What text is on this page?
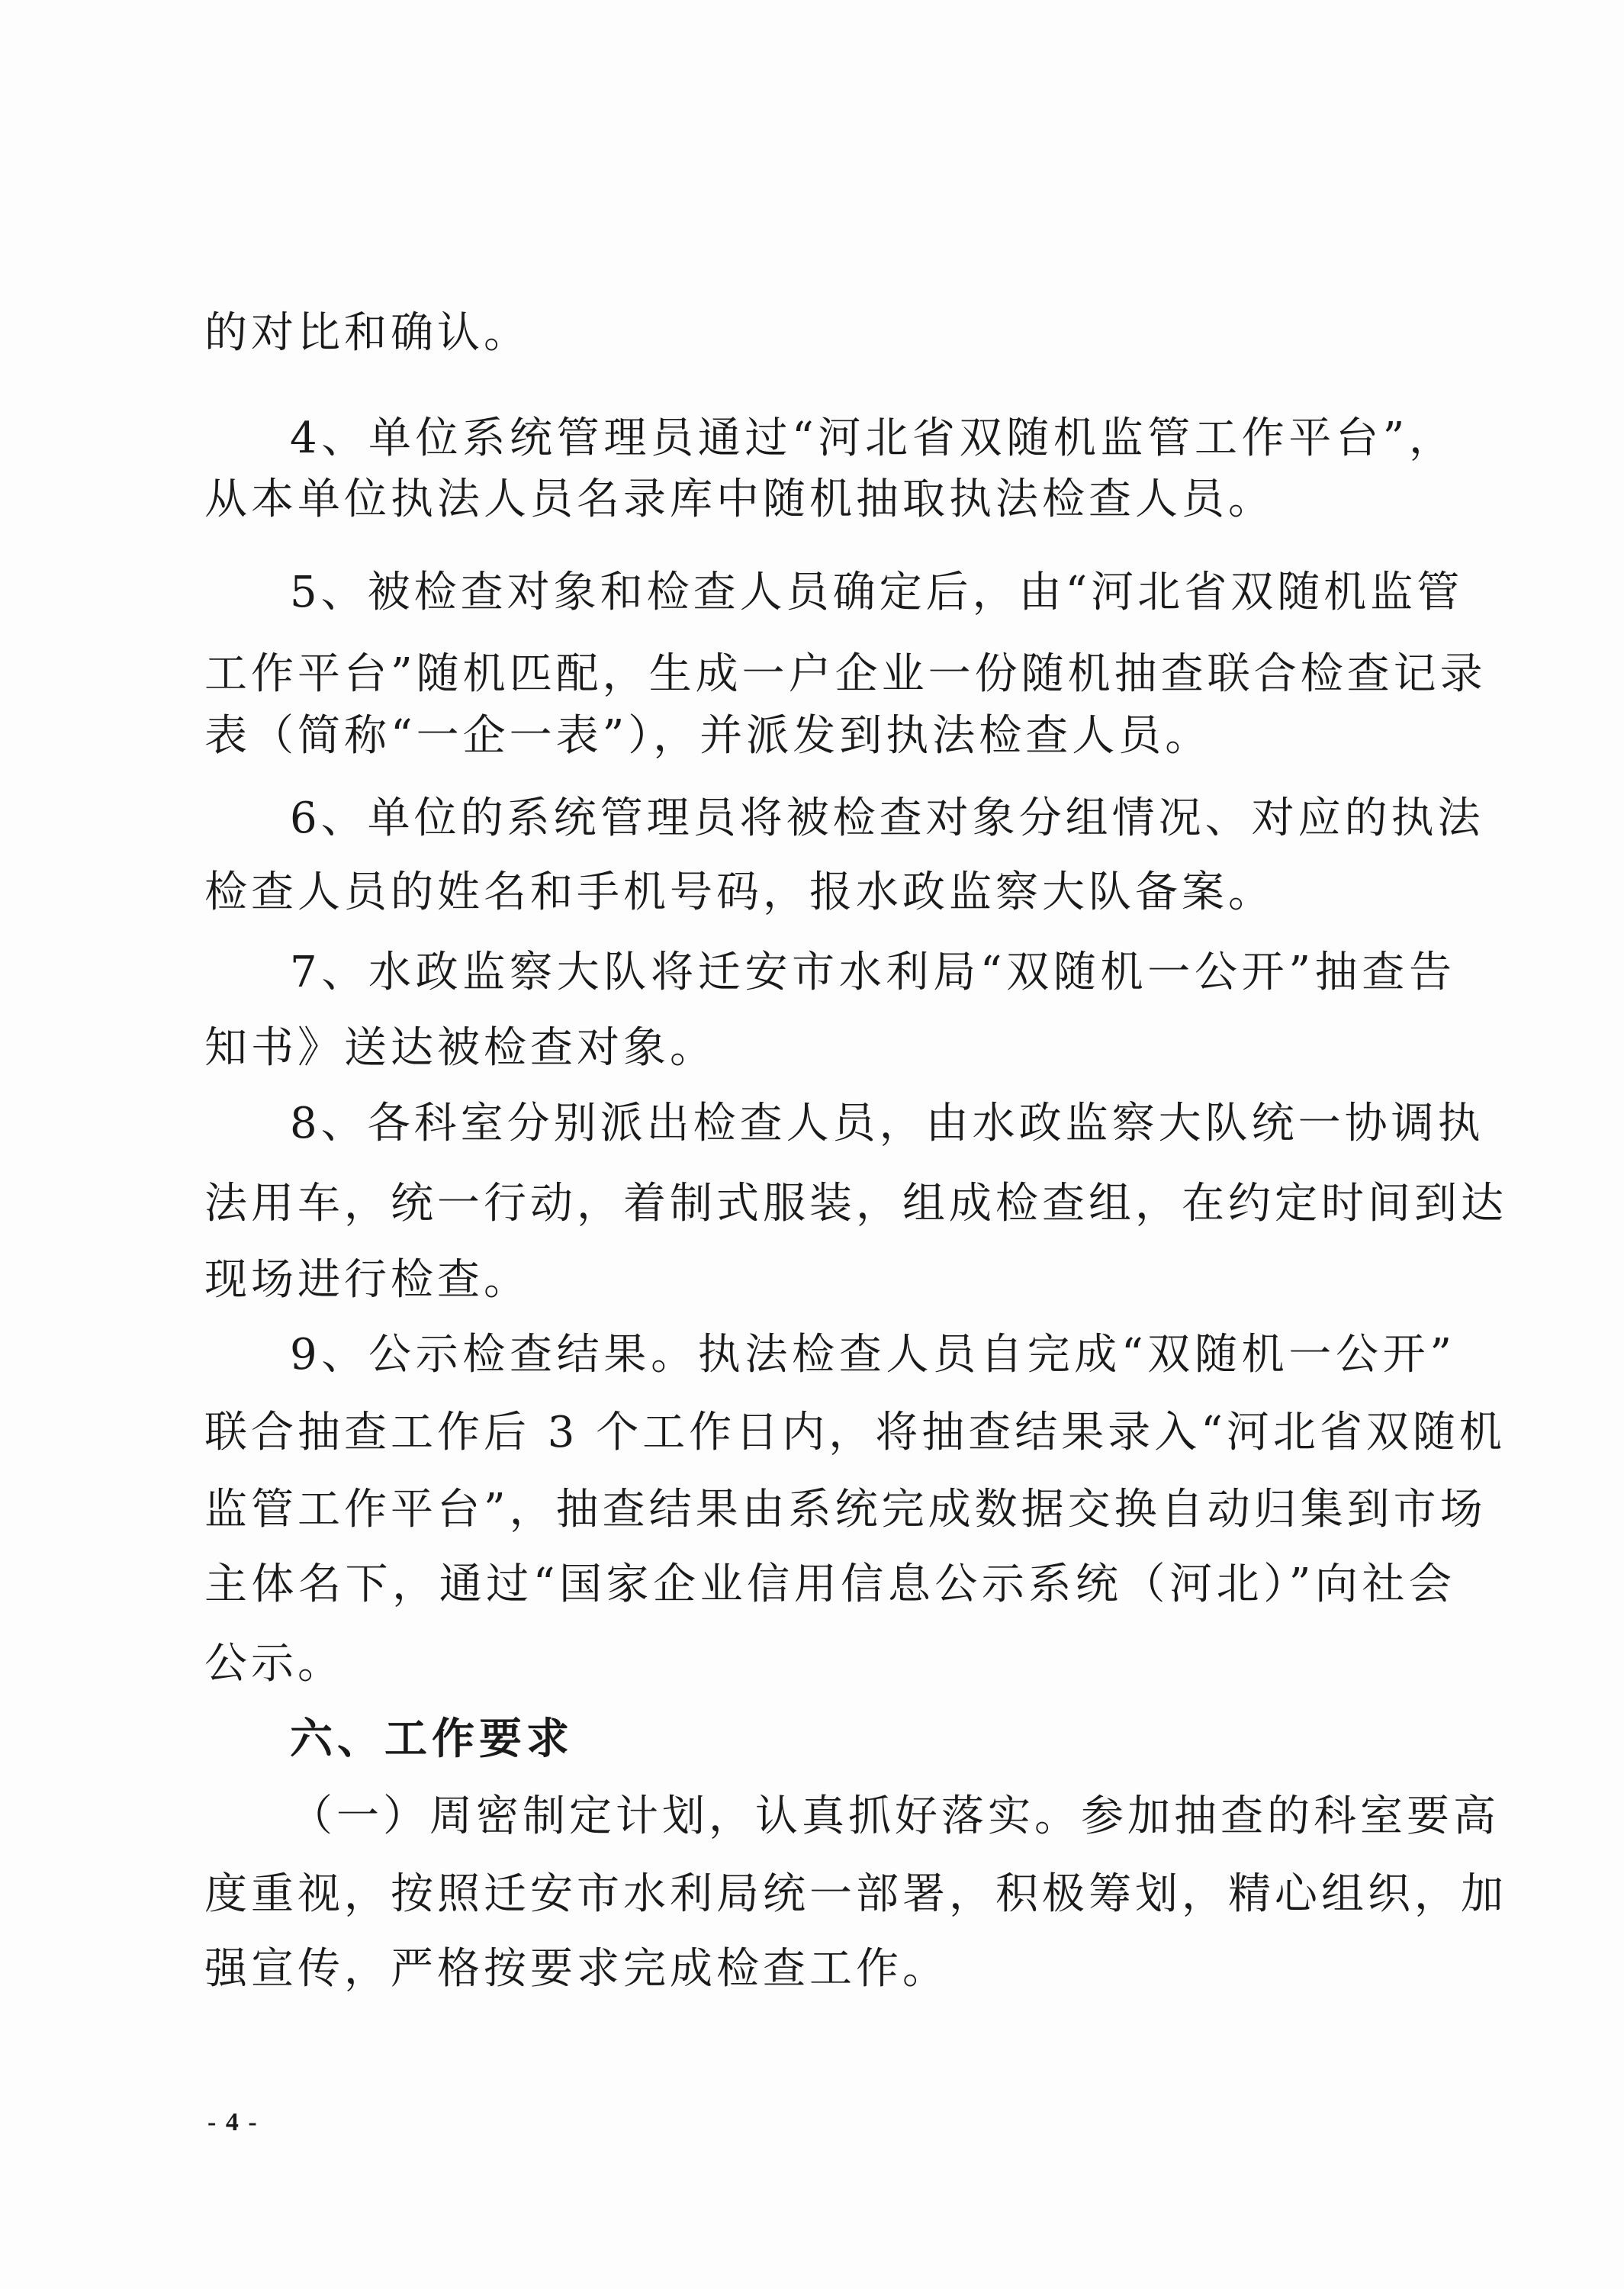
的对比和确认。
4、单位系统管理员通过“河北省双随机监管工作平台”，
从本单位执法人员名录库中随机抽取执法检查人员。
5、被检查对象和检查人员确定后，由“河北省双随机监管
工作平台”随机匹配，生成一户企业一份随机抽查联合检查记录
表（简称“一企一表”），并派发到执法检查人员。
6、单位的系统管理员将被检查对象分组情况、对应的执法
检查人员的姓名和手机号码，报水政监察大队备案。
7、水政监察大队将迁安市水利局“双随机一公开”抽查告
知书》送达被检查对象。
8、各科室分别派出检查人员，由水政监察大队统一协调执
法用车，统一行动，着制式服装，组成检查组，在约定时间到达
现场进行检查。
9、公示检查结果。执法检查人员自完成“双随机一公开”
联合抽查工作后 3 个工作日内，将抽查结果录入“河北省双随机
监管工作平台”，抽查结果由系统完成数据交换自动归集到市场
主体名下，通过“国家企业信用信息公示系统（河北）”向社会
公示。
六、工作要求
（一）周密制定计划，认真抓好落实。参加抽查的科室要高
度重视，按照迁安市水利局统一部署，积极筹划，精心组织，加
强宣传，严格按要求完成检查工作。
- 4 -
